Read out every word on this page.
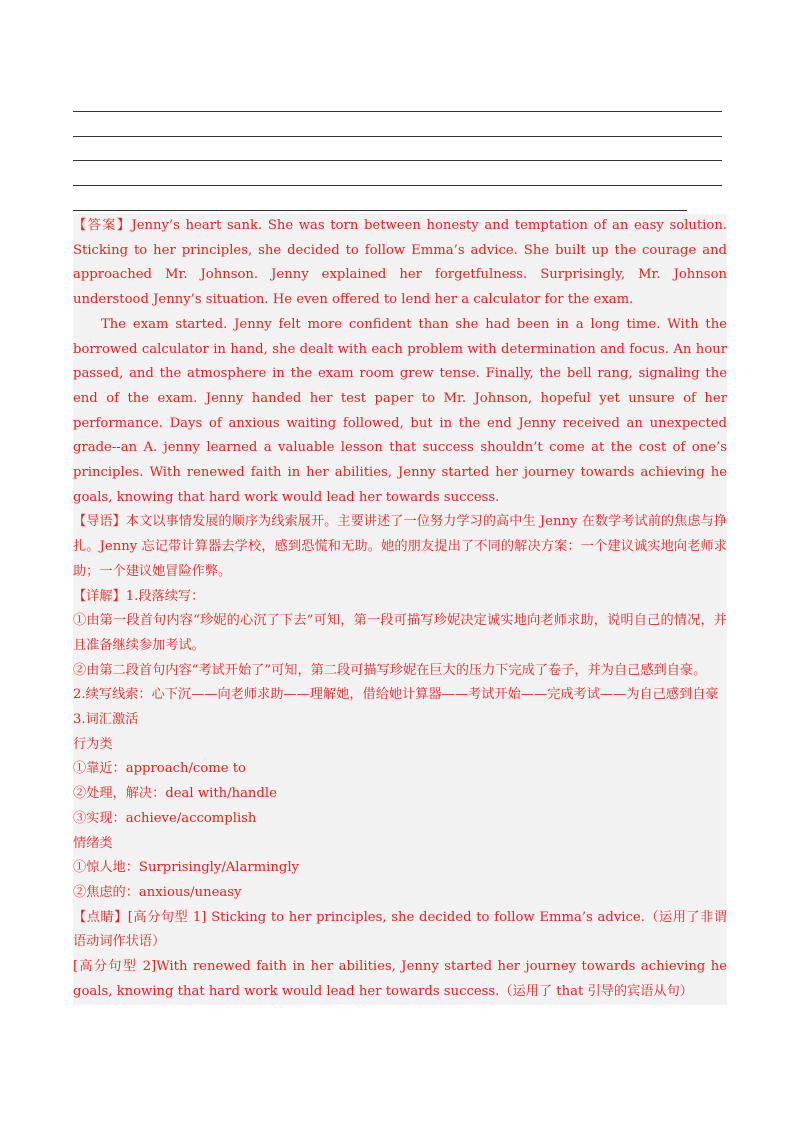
【答案】Jenny’s heart sank. She was torn between honesty and temptation of an easy solution. Sticking to her principles, she decided to follow Emma’s advice. She built up the courage and approached Mr. Johnson. Jenny explained her forgetfulness. Surprisingly, Mr. Johnson understood Jenny’s situation. He even offered to lend her a calculator for the exam.

The exam started. Jenny felt more confident than she had been in a long time. With the borrowed calculator in hand, she dealt with each problem with determination and focus. An hour passed, and the atmosphere in the exam room grew tense. Finally, the bell rang, signaling the end of the exam. Jenny handed her test paper to Mr. Johnson, hopeful yet unsure of her performance. Days of anxious waiting followed, but in the end Jenny received an unexpected grade--an A. jenny learned a valuable lesson that success shouldn’t come at the cost of one’s principles. With renewed faith in her abilities, Jenny started her journey towards achieving he goals, knowing that hard work would lead her towards success.

【导语】本文以事情发展的顺序为线索展开。主要讲述了一位努力学习的高中生 Jenny 在数学考试前的焦虑与挣扎。Jenny 忘记带计算器去学校，感到恐慌和无助。她的朋友提出了不同的解决方案：一个建议诚实地向老师求助；一个建议她冒险作弊。

【详解】1.段落续写：

①由第一段首句内容“珍妮的心沉了下去”可知，第一段可描写珍妮决定诚实地向老师求助，说明自己的情况，并且准备继续参加考试。

②由第二段首句内容“考试开始了”可知，第二段可描写珍妮在巨大的压力下完成了卷子，并为自己感到自豪。

2.续写线索：心下沉——向老师求助——理解她，借给她计算器——考试开始——完成考试——为自己感到自豪

3.词汇激活

行为类

①靠近：approach/come to

②处理，解决：deal with/handle

③实现：achieve/accomplish

情绪类

①惊人地：Surprisingly/Alarmingly

②焦虑的：anxious/uneasy

【点睛】[高分句型 1] Sticking to her principles, she decided to follow Emma’s advice.（运用了非谓语动词作状语）

[高分句型 2]With renewed faith in her abilities, Jenny started her journey towards achieving he goals, knowing that hard work would lead her towards success.（运用了 that 引导的宾语从句）
